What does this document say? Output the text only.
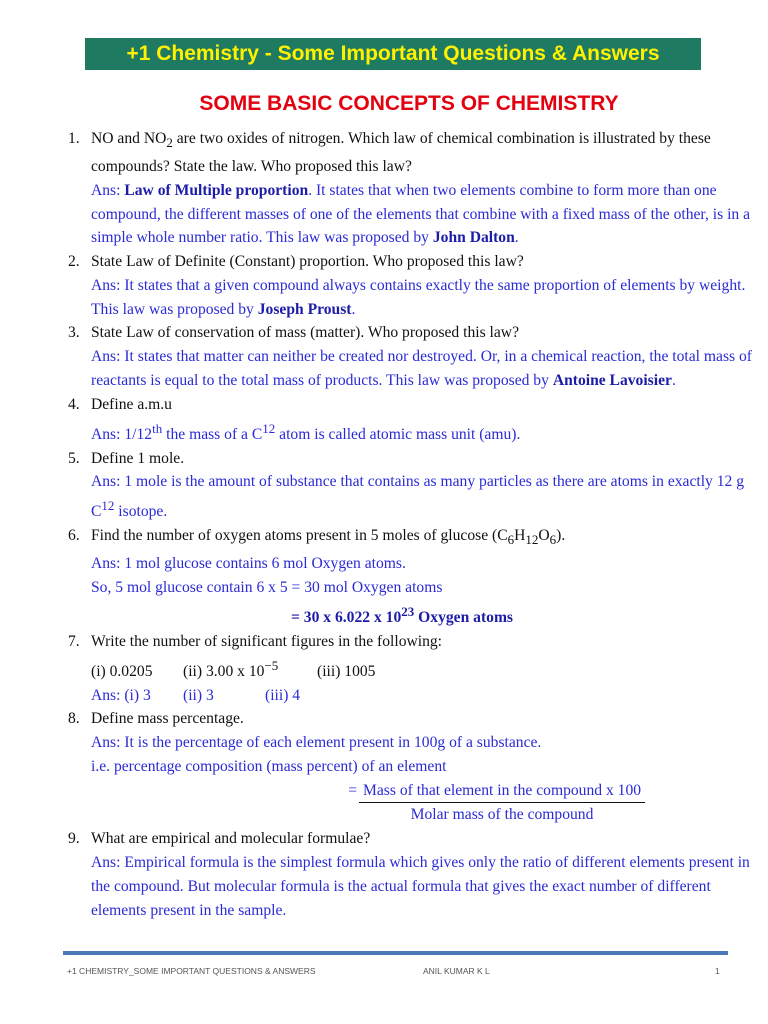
+1 Chemistry - Some Important Questions & Answers
SOME BASIC CONCEPTS OF CHEMISTRY
1. NO and $NO_2$ are two oxides of nitrogen. Which law of chemical combination is illustrated by these compounds? State the law. Who proposed this law?
Ans: Law of Multiple proportion. It states that when two elements combine to form more than one compound, the different masses of one of the elements that combine with a fixed mass of the other, is in a simple whole number ratio. This law was proposed by John Dalton.
2. State Law of Definite (Constant) proportion. Who proposed this law?
Ans: It states that a given compound always contains exactly the same proportion of elements by weight. This law was proposed by Joseph Proust.
3. State Law of conservation of mass (matter). Who proposed this law?
Ans: It states that matter can neither be created nor destroyed. Or, in a chemical reaction, the total mass of reactants is equal to the total mass of products. This law was proposed by Antoine Lavoisier.
4. Define a.m.u
Ans: 1/12th the mass of a $C^{12}$ atom is called atomic mass unit (amu).
5. Define 1 mole.
Ans: 1 mole is the amount of substance that contains as many particles as there are atoms in exactly 12 g $C^{12}$ isotope.
6. Find the number of oxygen atoms present in 5 moles of glucose $(C_6H_{12}O_6)$.
Ans: 1 mol glucose contains 6 mol Oxygen atoms.
So, 5 mol glucose contain 6 x 5 = 30 mol Oxygen atoms
= 30 x 6.022 x $10^{23}$ Oxygen atoms
7. Write the number of significant figures in the following:
(i) 0.0205 (ii) 3.00 x $10^{-5}$ (iii) 1005
Ans: (i) 3 (ii) 3	(iii) 4
8. Define mass percentage.
Ans: It is the percentage of each element present in 100g of a substance.
i.e. percentage composition (mass percent) of an element
= $\frac{\text{Mass of that element in the compound x 100}}{\text{Molar mass of the compound}}$
9. What are empirical and molecular formulae?
Ans: Empirical formula is the simplest formula which gives only the ratio of different elements present in the compound. But molecular formula is the actual formula that gives the exact number of different elements present in the sample.
+1 CHEMISTRY_SOME IMPORTANT QUESTIONS & ANSWERS	ANIL KUMAR K L	1
